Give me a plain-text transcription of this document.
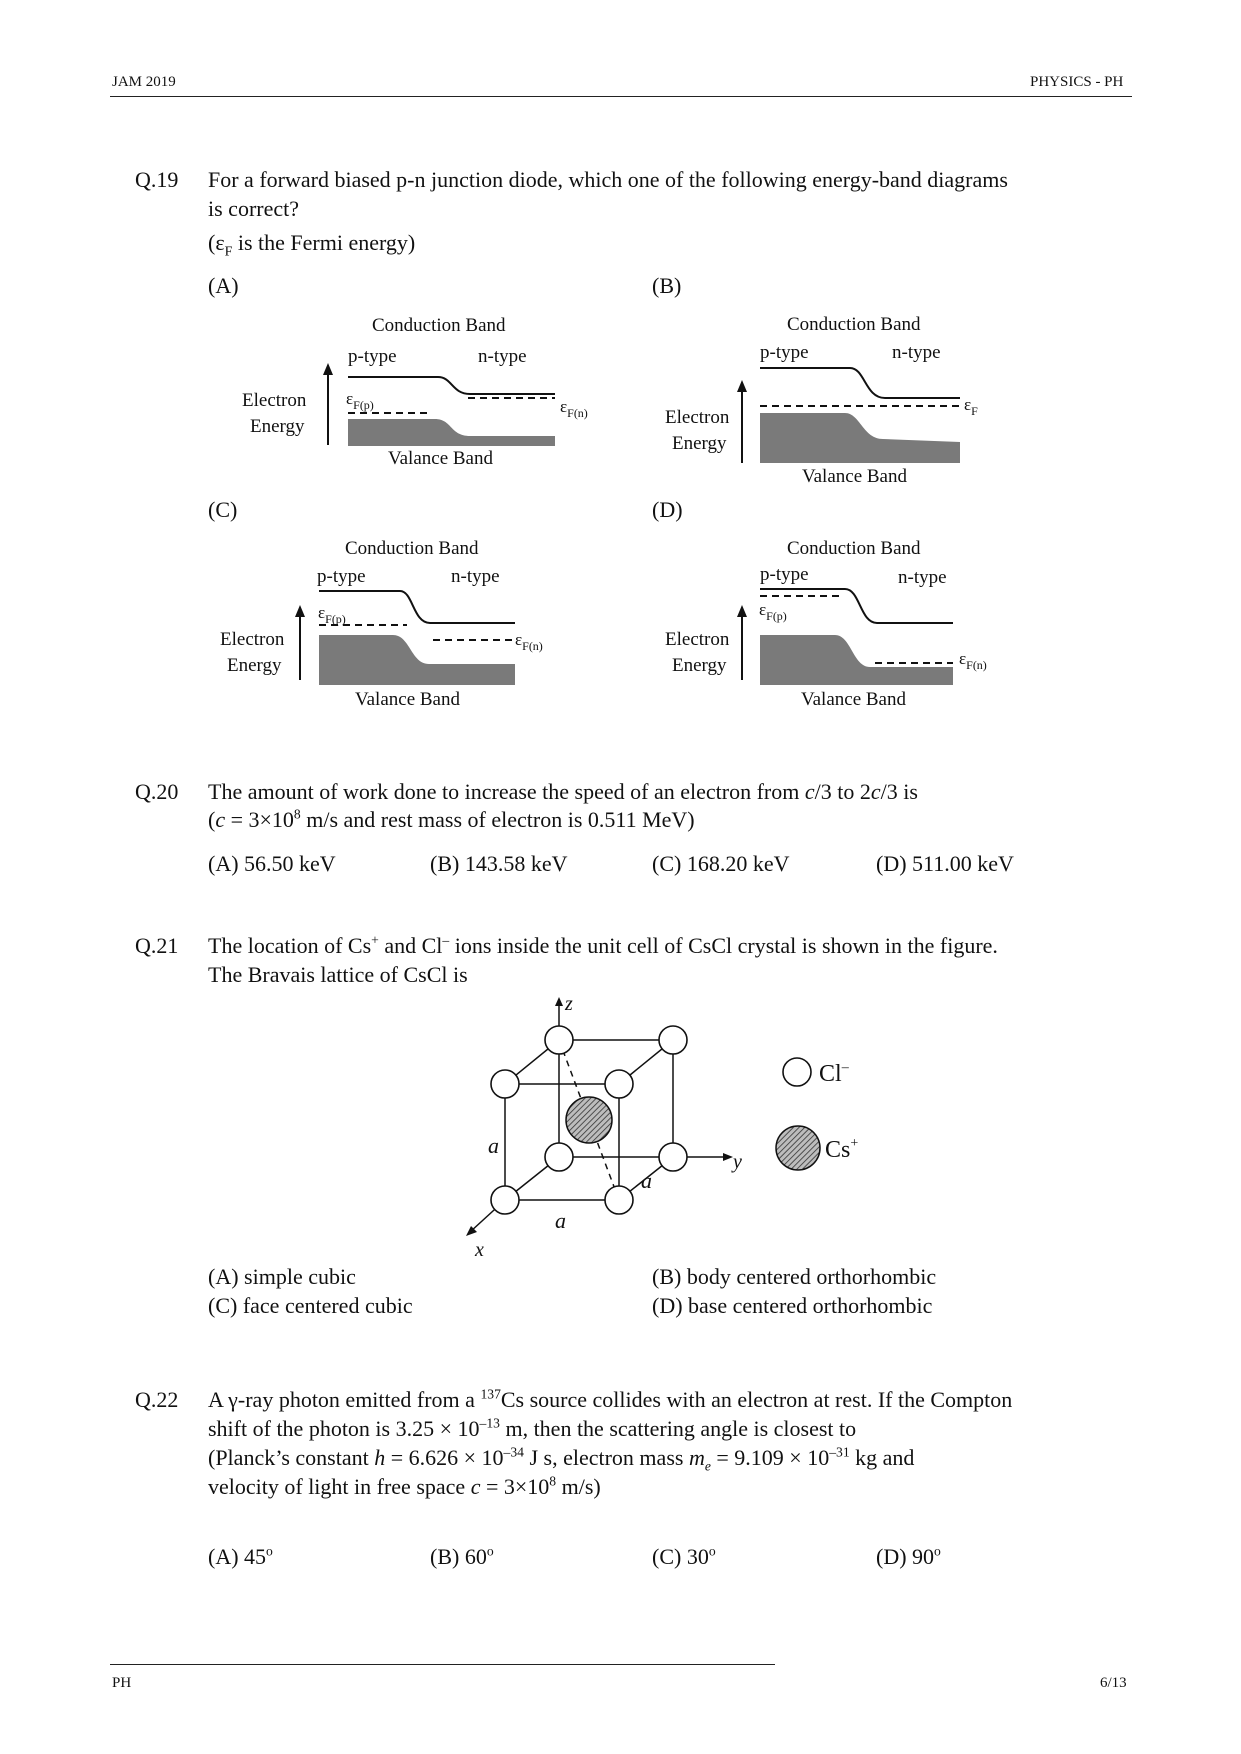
JAM 2019	PHYSICS - PH
Q.19 For a forward biased p-n junction diode, which one of the following energy-band diagrams
is correct?
($\varepsilon_F$ is the Fermi energy)
(A)	(B)
(C)	(D)
Conduction Band
p-type	n-type
Electron
Energy
$\varepsilon_{F(p)}$	$\varepsilon_{F(n)}$
Valance Band
Conduction Band
p-type	n-type
Electron
Energy
$\varepsilon_F$
Valance Band
Conduction Band
p-type	n-type
Electron
Energy
$\varepsilon_{F(p)}$
$\varepsilon_{F(n)}$
Valance Band
Conduction Band
p-type	n-type
Electron
Energy
$\varepsilon_{F(p)}$
$\varepsilon_{F(n)}$
Valance Band
Q.20 The amount of work done to increase the speed of an electron from c/3 to 2c/3 is
($c = 3\times 10^8$ m/s and rest mass of electron is 0.511 MeV)
(A) 56.50 keV	(B) 143.58 keV	(C) 168.20 keV	(D) 511.00 keV
Q.21 The location of Cs+ and Cl– ions inside the unit cell of CsCl crystal is shown in the figure.
The Bravais lattice of CsCl is
z
y
x
a
a
a
Cl–
Cs+
(A) simple cubic	(B) body centered orthorhombic
(C) face centered cubic	(D) base centered orthorhombic
Q.22 A γ-ray photon emitted from a $^{137}$Cs source collides with an electron at rest. If the Compton
shift of the photon is $3.25 \times 10^{-13}$ m, then the scattering angle is closest to
(Planck’s constant $h = 6.626 \times 10^{-34}$ J s, electron mass $m_e = 9.109 \times 10^{-31}$ kg and
velocity of light in free space $c = 3\times 10^8$ m/s)
(A) 45$^o$	(B) 60$^o$	(C) 30$^o$	(D) 90$^o$
PH	6/13
